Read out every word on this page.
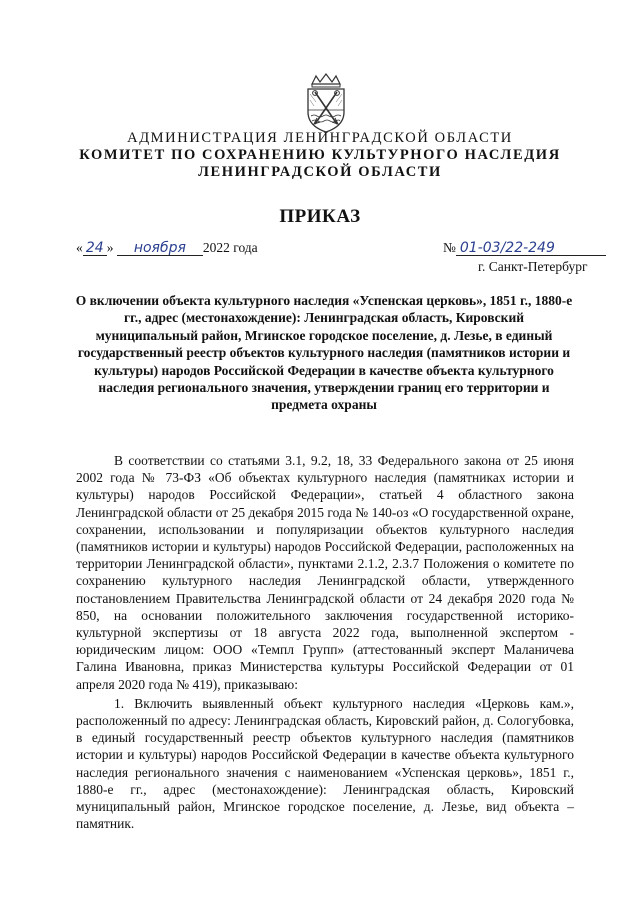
АДМИНИСТРАЦИЯ ЛЕНИНГРАДСКОЙ ОБЛАСТИ
КОМИТЕТ ПО СОХРАНЕНИЮ КУЛЬТУРНОГО НАСЛЕДИЯ
ЛЕНИНГРАДСКОЙ ОБЛАСТИ
ПРИКАЗ
« 24 » ноября 2022 года	№ 01-03/22-249
г. Санкт-Петербург
О включении объекта культурного наследия «Успенская церковь», 1851 г., 1880-е гг., адрес (местонахождение): Ленинградская область, Кировский муниципальный район, Мгинское городское поселение, д. Лезье, в единый государственный реестр объектов культурного наследия (памятников истории и культуры) народов Российской Федерации в качестве объекта культурного наследия регионального значения, утверждении границ его территории и предмета охраны

В соответствии со статьями 3.1, 9.2, 18, 33 Федерального закона от 25 июня 2002 года № 73-ФЗ «Об объектах культурного наследия (памятниках истории и культуры) народов Российской Федерации», статьей 4 областного закона Ленинградской области от 25 декабря 2015 года № 140-оз «О государственной охране, сохранении, использовании и популяризации объектов культурного наследия (памятников истории и культуры) народов Российской Федерации, расположенных на территории Ленинградской области», пунктами 2.1.2, 2.3.7 Положения о комитете по сохранению культурного наследия Ленинградской области, утвержденного постановлением Правительства Ленинградской области от 24 декабря 2020 года № 850, на основании положительного заключения государственной историко-культурной экспертизы от 18 августа 2022 года, выполненной экспертом - юридическим лицом: ООО «Темпл Групп» (аттестованный эксперт Маланичева Галина Ивановна, приказ Министерства культуры Российской Федерации от 01 апреля 2020 года № 419), приказываю:

1. Включить выявленный объект культурного наследия «Церковь кам.», расположенный по адресу: Ленинградская область, Кировский район, д. Сологубовка, в единый государственный реестр объектов культурного наследия (памятников истории и культуры) народов Российской Федерации в качестве объекта культурного наследия регионального значения с наименованием «Успенская церковь», 1851 г., 1880-е гг., адрес (местонахождение): Ленинградская область, Кировский муниципальный район, Мгинское городское поселение, д. Лезье, вид объекта – памятник.
